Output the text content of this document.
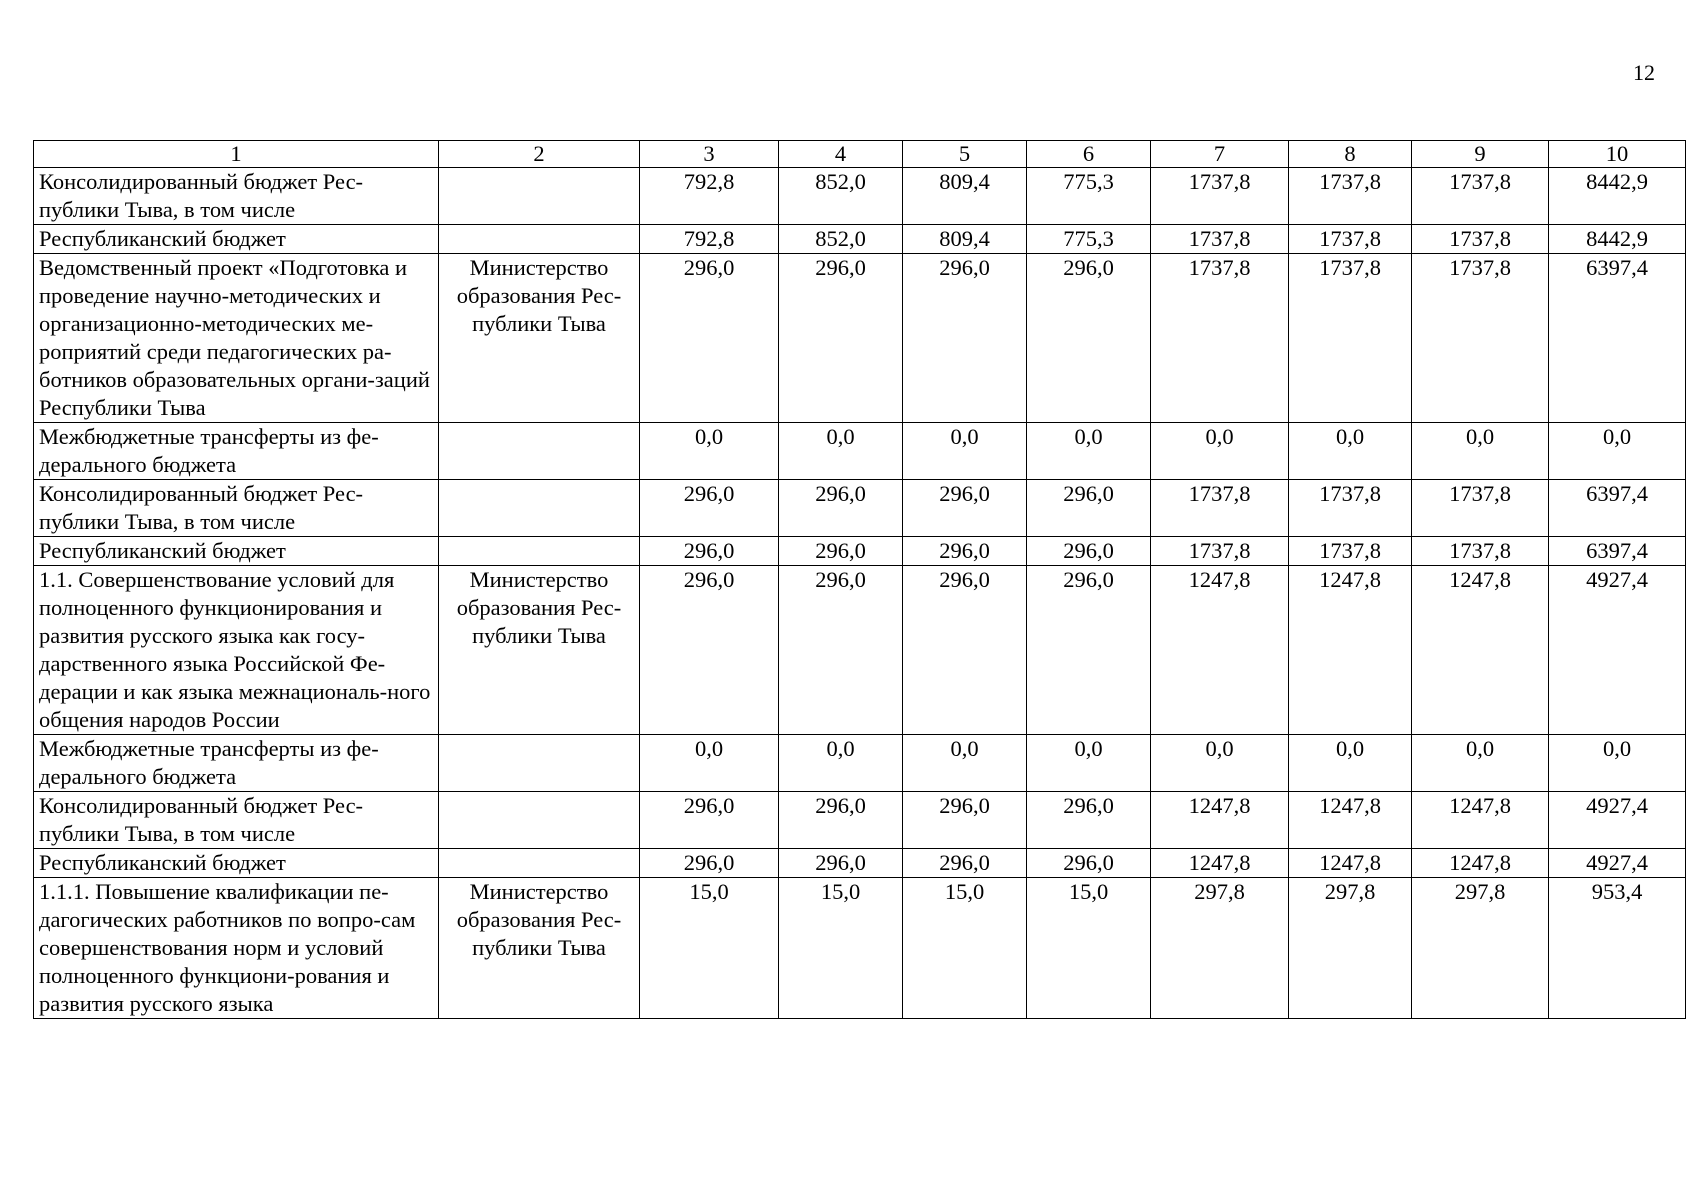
12
1	2	3	4	5	6	7	8	9	10
Консолидированный бюджет Рес-публики Тыва, в том числе		792,8	852,0	809,4	775,3	1737,8	1737,8	1737,8	8442,9
Республиканский бюджет		792,8	852,0	809,4	775,3	1737,8	1737,8	1737,8	8442,9
Ведомственный проект «Подготовка и проведение научно-методических и организационно-методических ме-роприятий среди педагогических ра-ботников образовательных органи-заций Республики Тыва	Министерство образования Рес-публики Тыва	296,0	296,0	296,0	296,0	1737,8	1737,8	1737,8	6397,4
Межбюджетные трансферты из фе-дерального бюджета		0,0	0,0	0,0	0,0	0,0	0,0	0,0	0,0
Консолидированный бюджет Рес-публики Тыва, в том числе		296,0	296,0	296,0	296,0	1737,8	1737,8	1737,8	6397,4
Республиканский бюджет		296,0	296,0	296,0	296,0	1737,8	1737,8	1737,8	6397,4
1.1. Совершенствование условий для полноценного функционирования и развития русского языка как госу-дарственного языка Российской Фе-дерации и как языка межнациональ-ного общения народов России	Министерство образования Рес-публики Тыва	296,0	296,0	296,0	296,0	1247,8	1247,8	1247,8	4927,4
Межбюджетные трансферты из фе-дерального бюджета		0,0	0,0	0,0	0,0	0,0	0,0	0,0	0,0
Консолидированный бюджет Рес-публики Тыва, в том числе		296,0	296,0	296,0	296,0	1247,8	1247,8	1247,8	4927,4
Республиканский бюджет		296,0	296,0	296,0	296,0	1247,8	1247,8	1247,8	4927,4
1.1.1. Повышение квалификации пе-дагогических работников по вопро-сам совершенствования норм и условий полноценного функциони-рования и развития русского языка	Министерство образования Рес-публики Тыва	15,0	15,0	15,0	15,0	297,8	297,8	297,8	953,4
